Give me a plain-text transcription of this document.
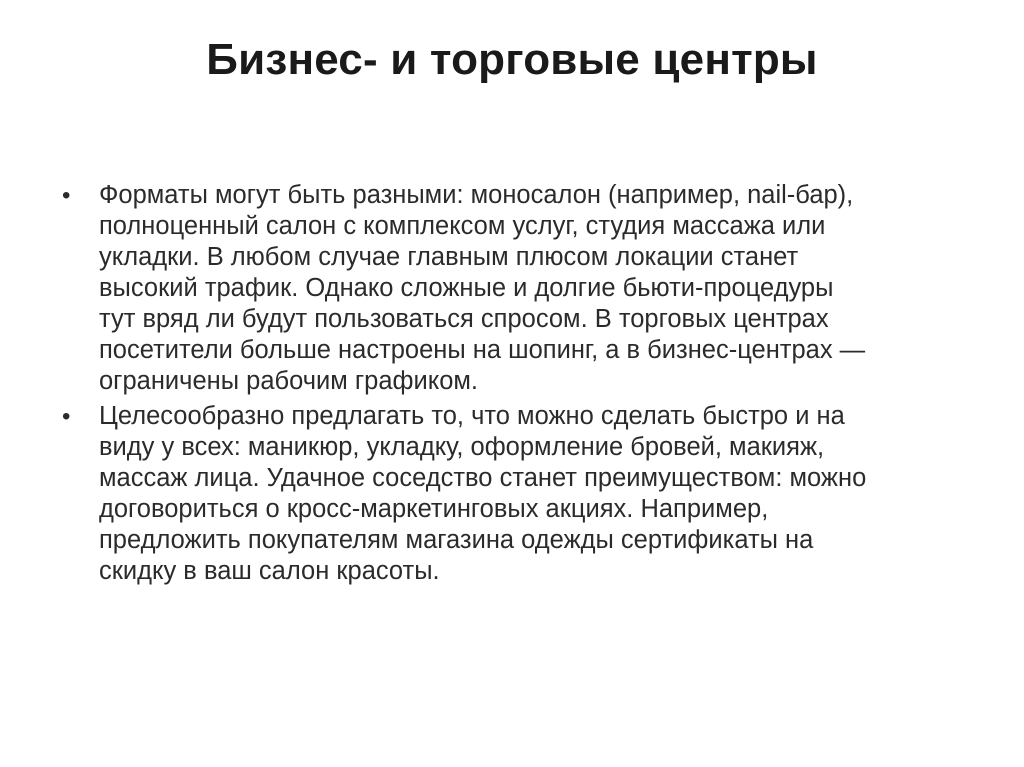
Бизнес- и торговые центры
• Форматы могут быть разными: моносалон (например, nail-бар),
полноценный салон с комплексом услуг, студия массажа или
укладки. В любом случае главным плюсом локации станет
высокий трафик. Однако сложные и долгие бьюти-процедуры
тут вряд ли будут пользоваться спросом. В торговых центрах
посетители больше настроены на шопинг, а в бизнес-центрах —
ограничены рабочим графиком.
• Целесообразно предлагать то, что можно сделать быстро и на
виду у всех: маникюр, укладку, оформление бровей, макияж,
массаж лица. Удачное соседство станет преимуществом: можно
договориться о кросс-маркетинговых акциях. Например,
предложить покупателям магазина одежды сертификаты на
скидку в ваш салон красоты.
